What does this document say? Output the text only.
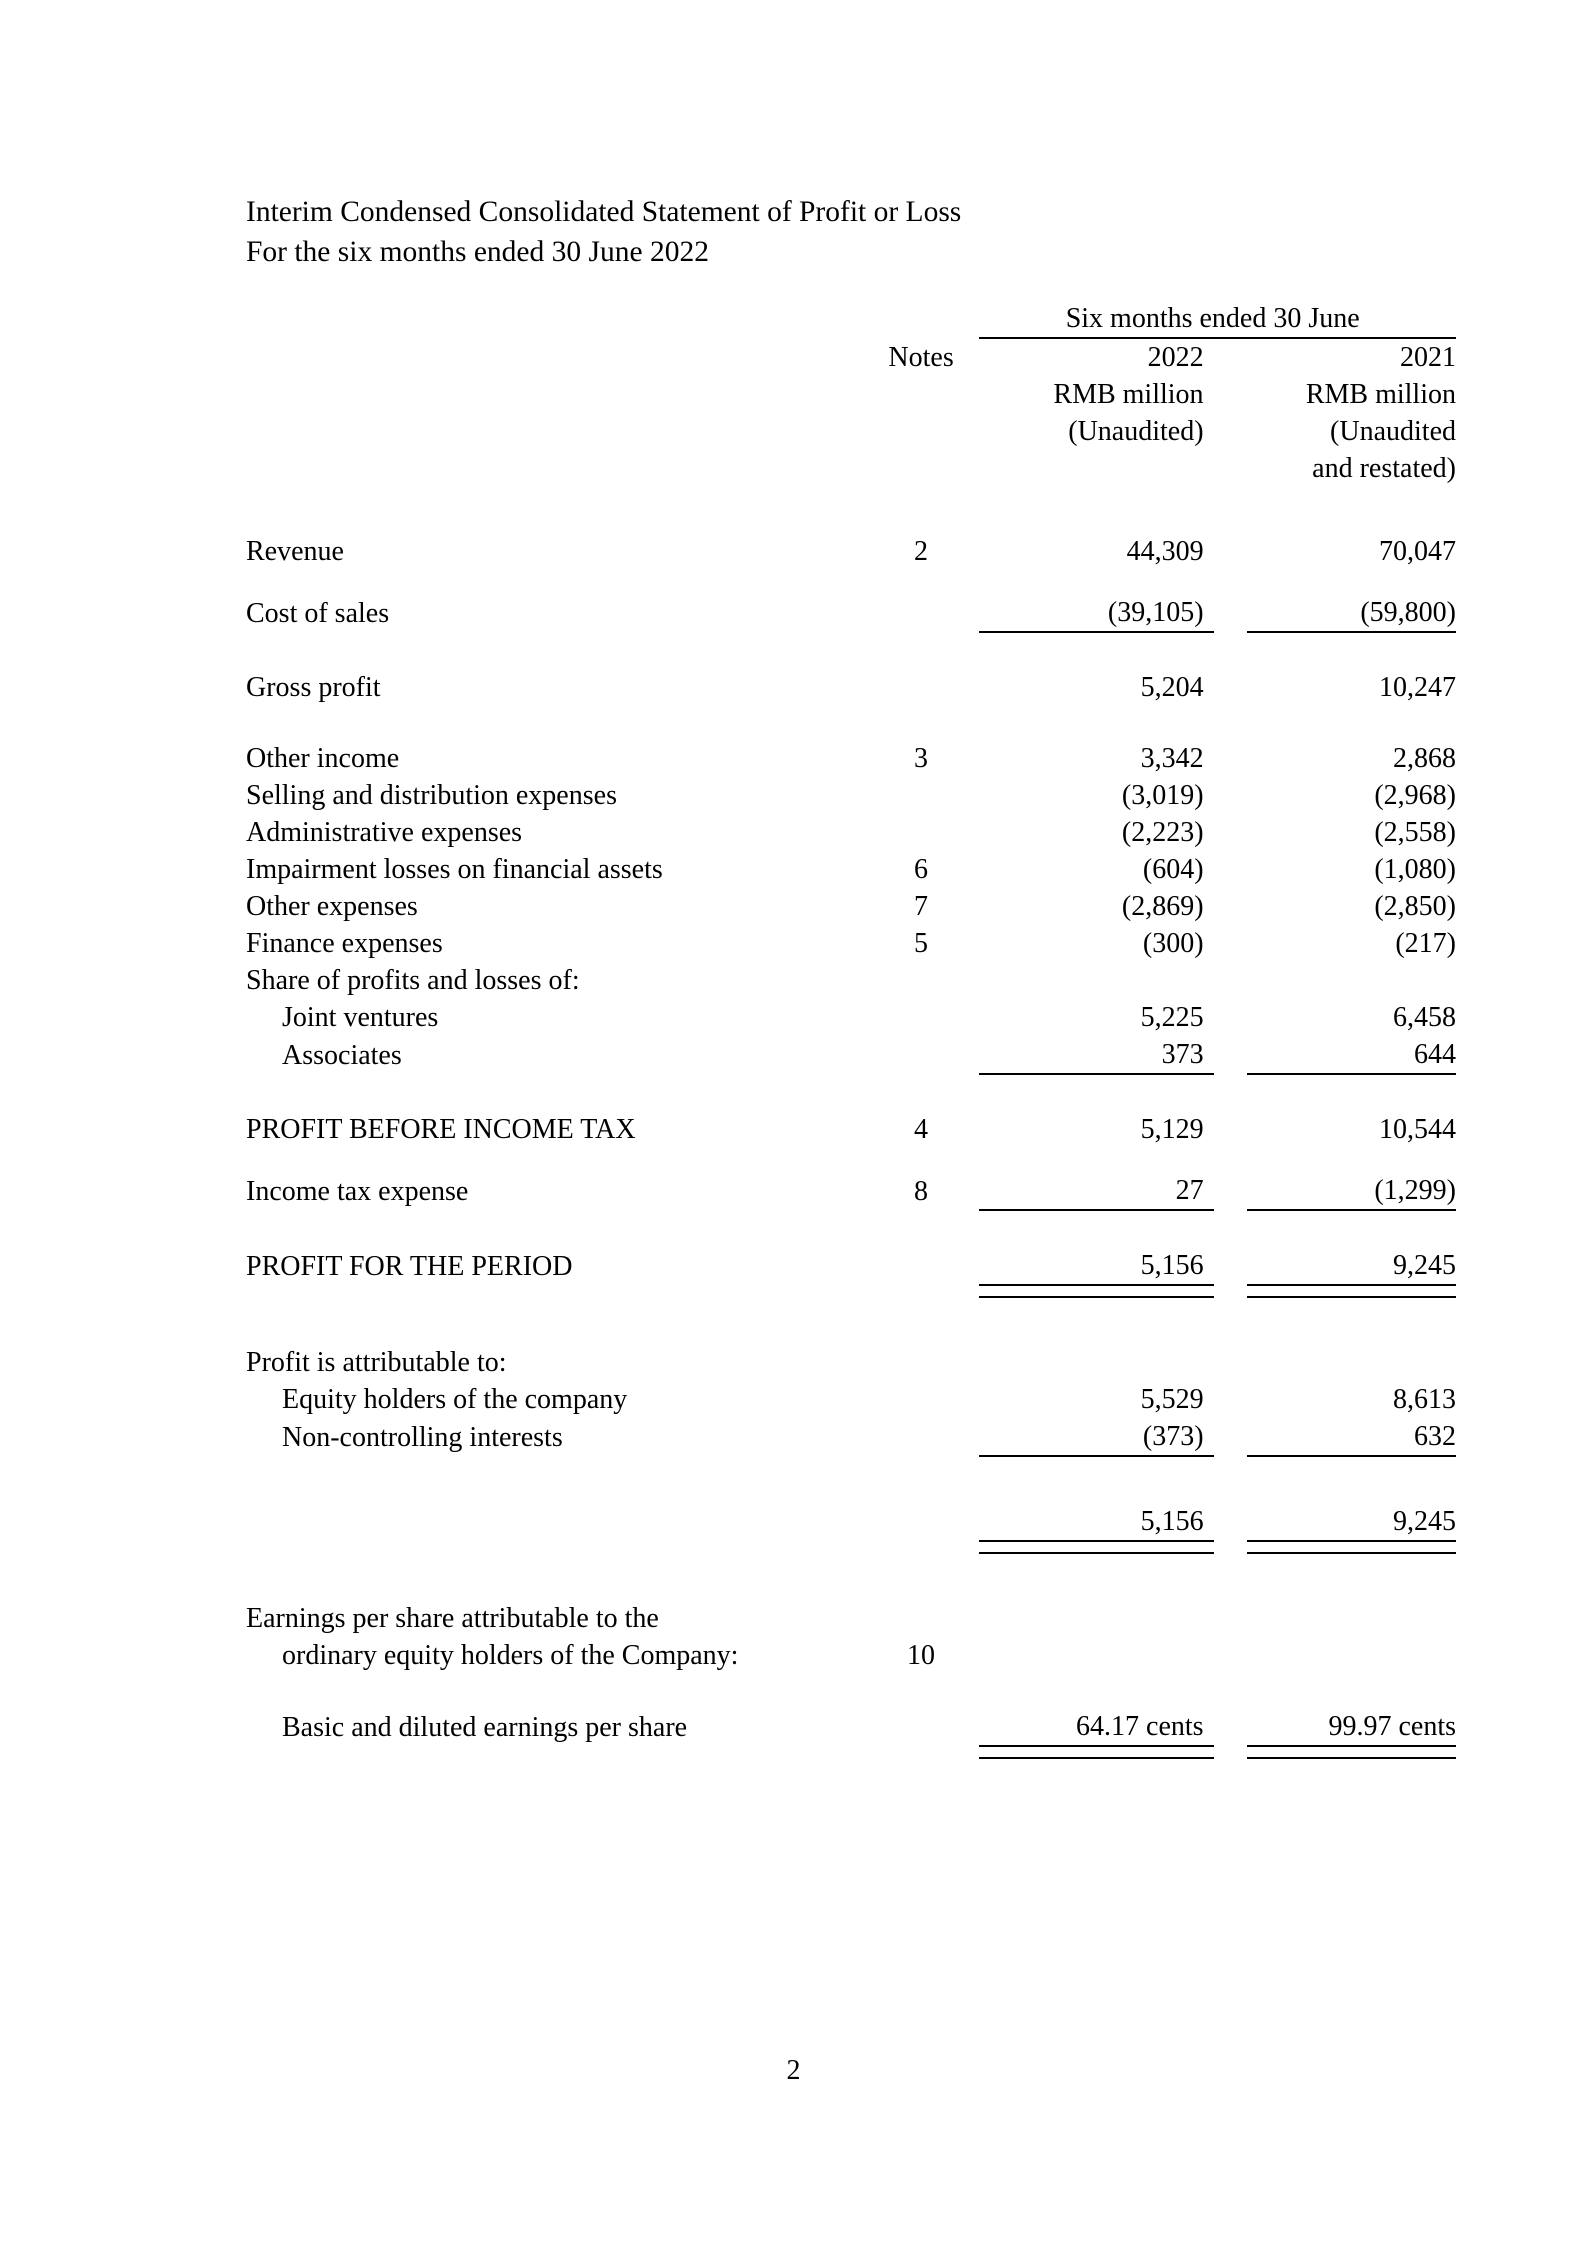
Interim Condensed Consolidated Statement of Profit or Loss
For the six months ended 30 June 2022
		Six months ended 30 June		
	Notes	2022		2021
		RMB million		RMB million
		(Unaudited)		(Unaudited
				and restated)

Revenue	2	44,309		70,047

Cost of sales		(39,105)		(59,800)

Gross profit		5,204		10,247

Other income	3	3,342		2,868
Selling and distribution expenses		(3,019)		(2,968)
Administrative expenses		(2,223)		(2,558)
Impairment losses on financial assets	6	(604)		(1,080)
Other expenses	7	(2,869)		(2,850)
Finance expenses	5	(300)		(217)
Share of profits and losses of:				
Joint ventures		5,225		6,458
Associates		373		644

PROFIT BEFORE INCOME TAX	4	5,129		10,544

Income tax expense	8	27		(1,299)

PROFIT FOR THE PERIOD		5,156		9,245

Profit is attributable to:				
Equity holders of the company		5,529		8,613
Non-controlling interests		(373)		632

		5,156		9,245

Earnings per share attributable to the				
ordinary equity holders of the Company:	10			

Basic and diluted earnings per share		64.17 cents		99.97 cents

2
